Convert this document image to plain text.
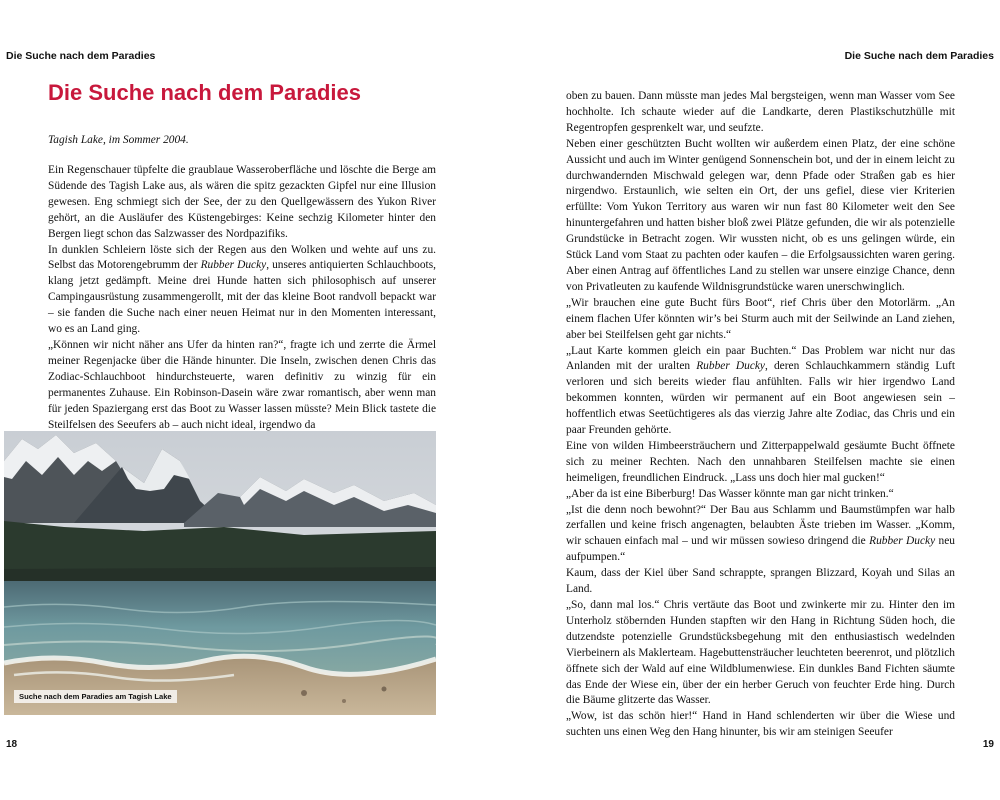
Die Suche nach dem Paradies
Die Suche nach dem Paradies

Tagish Lake, im Sommer 2004.

Ein Regenschauer tüpfelte die graublaue Wasseroberfläche und löschte die Berge am Südende des Tagish Lake aus, als wären die spitz gezackten Gipfel nur eine Illusion gewesen. Eng schmiegt sich der See, der zu den Quellgewässern des Yukon River gehört, an die Ausläufer des Küstengebirges: Keine sechzig Kilometer hinter den Bergen liegt schon das Salzwasser des Nordpazifiks.

In dunklen Schleiern löste sich der Regen aus den Wolken und wehte auf uns zu. Selbst das Motorengebrumm der Rubber Ducky, unseres antiquierten Schlauchboots, klang jetzt gedämpft. Meine drei Hunde hatten sich philosophisch auf unserer Campingausrüstung zusammengerollt, mit der das kleine Boot randvoll bepackt war – sie fanden die Suche nach einer neuen Heimat nur in den Momenten interessant, wo es an Land ging.

„Können wir nicht näher ans Ufer da hinten ran?“, fragte ich und zerrte die Ärmel meiner Regenjacke über die Hände hinunter. Die Inseln, zwischen denen Chris das Zodiac-Schlauchboot hindurchsteuerte, waren definitiv zu winzig für ein permanentes Zuhause. Ein Robinson-Dasein wäre zwar romantisch, aber wenn man für jeden Spaziergang erst das Boot zu Wasser lassen müsste? Mein Blick tastete die Steilfelsen des Seeufers ab – auch nicht ideal, irgendwo da

Suche nach dem Paradies am Tagish Lake
18
Die Suche nach dem Paradies

oben zu bauen. Dann müsste man jedes Mal bergsteigen, wenn man Wasser vom See hochholte. Ich schaute wieder auf die Landkarte, deren Plastikschutzhülle mit Regentropfen gesprenkelt war, und seufzte.

Neben einer geschützten Bucht wollten wir außerdem einen Platz, der eine schöne Aussicht und auch im Winter genügend Sonnenschein bot, und der in einem leicht zu durchwandernden Mischwald gelegen war, denn Pfade oder Straßen gab es hier nirgendwo. Erstaunlich, wie selten ein Ort, der uns gefiel, diese vier Kriterien erfüllte: Vom Yukon Territory aus waren wir nun fast 80 Kilometer weit den See hinuntergefahren und hatten bisher bloß zwei Plätze gefunden, die wir als potenzielle Grundstücke in Betracht zogen. Wir wussten nicht, ob es uns gelingen würde, ein Stück Land vom Staat zu pachten oder kaufen – die Erfolgsaussichten waren gering. Aber einen Antrag auf öffentliches Land zu stellen war unsere einzige Chance, denn von Privatleuten zu kaufende Wildnisgrundstücke waren unerschwinglich.

„Wir brauchen eine gute Bucht fürs Boot“, rief Chris über den Motorlärm. „An einem flachen Ufer könnten wir’s bei Sturm auch mit der Seilwinde an Land ziehen, aber bei Steilfelsen geht gar nichts.“

„Laut Karte kommen gleich ein paar Buchten.“ Das Problem war nicht nur das Anlanden mit der uralten Rubber Ducky, deren Schlauchkammern ständig Luft verloren und sich bereits wieder flau anfühlten. Falls wir hier irgendwo Land bekommen konnten, würden wir permanent auf ein Boot angewiesen sein – hoffentlich etwas Seetüchtigeres als das vierzig Jahre alte Zodiac, das Chris und ein paar Freunden gehörte.

Eine von wilden Himbeersträuchern und Zitterpappelwald gesäumte Bucht öffnete sich zu meiner Rechten. Nach den unnahbaren Steilfelsen machte sie einen heimeligen, freundlichen Eindruck. „Lass uns doch hier mal gucken!“

„Aber da ist eine Biberburg! Das Wasser könnte man gar nicht trinken.“

„Ist die denn noch bewohnt?“ Der Bau aus Schlamm und Baumstümpfen war halb zerfallen und keine frisch angenagten, belaubten Äste trieben im Wasser. „Komm, wir schauen einfach mal – und wir müssen sowieso dringend die Rubber Ducky neu aufpumpen.“

Kaum, dass der Kiel über Sand schrappte, sprangen Blizzard, Koyah und Silas an Land.

„So, dann mal los.“ Chris vertäute das Boot und zwinkerte mir zu. Hinter den im Unterholz stöbernden Hunden stapften wir den Hang in Richtung Süden hoch, die dutzendste potenzielle Grundstücksbegehung mit den enthusiastisch wedelnden Vierbeinern als Maklerteam. Hagebuttensträucher leuchteten beerenrot, und plötzlich öffnete sich der Wald auf eine Wildblumenwiese. Ein dunkles Band Fichten säumte das Ende der Wiese ein, über der ein herber Geruch von feuchter Erde hing. Durch die Bäume glitzerte das Wasser.

„Wow, ist das schön hier!“ Hand in Hand schlenderten wir über die Wiese und suchten uns einen Weg den Hang hinunter, bis wir am steinigen Seeufer

19
